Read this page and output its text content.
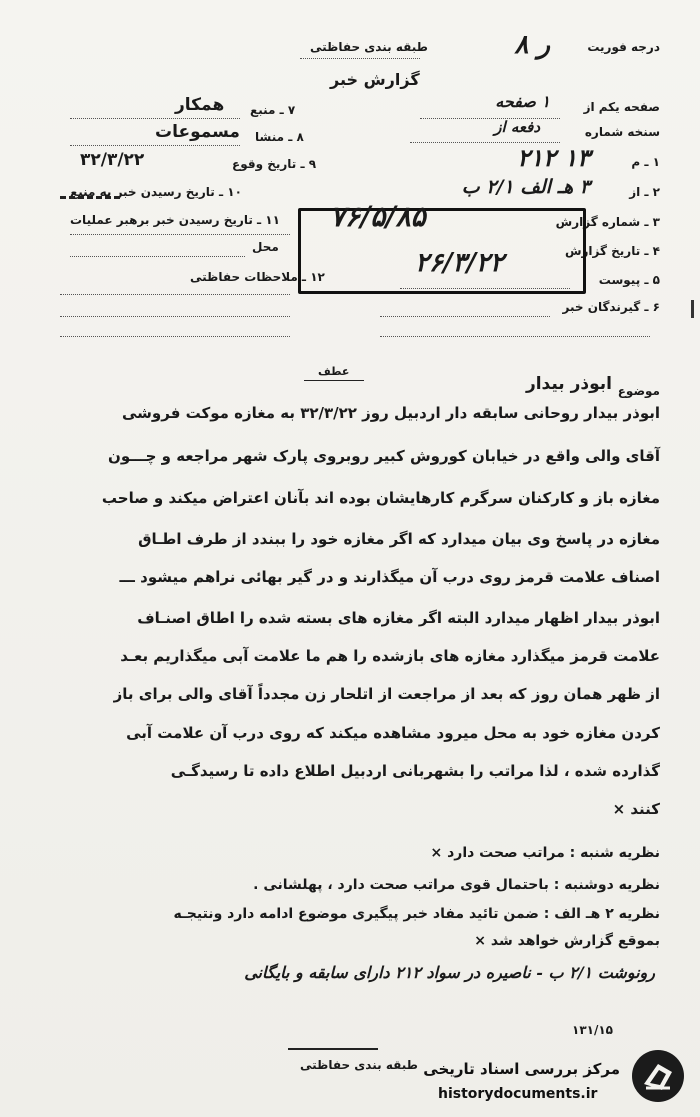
درجه فوریت
ر ۸
طبقه بندی حفاظتی
گزارش خبر
صفحه یکم از
۱ صفحه
سنخه شماره
دفعه از
۱ ـ م
۱۳ ۲۱۲
۲ ـ از
۳ هـ الف ۲/۱ ب
۳ ـ شماره گزارش
۴ ـ تاریخ گزارش
۵ ـ پیوست
۶ ـ گیرندگان خبر
۷۶/۵/۸۵
۲۶/۳/۲۲
۷ ـ منبع
همکار
۸ ـ منشا
مسموعات
۹ ـ تاریخ وقوع
۳۲/۳/۲۲
۱۰ ـ تاریخ رسیدن خبر به منبع
۱۱ ـ تاریخ رسیدن خبر برهبر عملیات
محل
۱۲ ـ ملاحظات حفاظتی
عطف
موضوع
ابوذر بیدار
ابوذر بیدار روحانی سابقه دار اردبیل روز ۳۲/۳/۲۲ به مغازه موکت فروشی
آقای والی واقع در خیابان کوروش کبیر روبروی پارک شهر مراجعه و چـــون
مغازه باز و کارکنان سرگرم کارهایشان بوده اند بآنان اعتراض میکند و صاحب
مغازه در پاسخ وی بیان میدارد که اگر مغازه خود را ببندد از طرف اطـاق
اصناف علامت قرمز روی درب آن میگذارند و در گیر بهائی نراهم میشود ـــ
ابوذر بیدار اظهار میدارد البته اگر مغازه های بسته شده را اطاق اصنـاف
علامت قرمز میگذارد مغازه های بازشده را هم ما علامت آبی میگذاریم بعـد
از ظهر همان روز که بعد از مراجعت از اتلحار زن مجدداً آقای والی برای باز
کردن مغازه خود به محل میرود مشاهده میکند که روی درب آن علامت آبی
گذارده شده ، لذا مراتب را بشهربانی اردبیل اطلاع داده تا رسیدگـی
کنند ×
نظریه شنبه : مراتب صحت دارد ×
نظریه دوشنبه : باحتمال قوی مراتب صحت دارد ، پهلشانی .
نظریه ۲ هـ الف : ضمن تائید مفاد خبر پیگیری موضوع ادامه دارد ونتیجـه
بموقع گزارش خواهد شد ×
رونوشت ۲/۱ ب - ناصیره در سواد ۲۱۲ دارای سابقه و بایگانی
۱۳۱/۱۵
طبقه بندی حفاظتی مرکز بررسی اسناد تاریخی
historydocuments.ir
